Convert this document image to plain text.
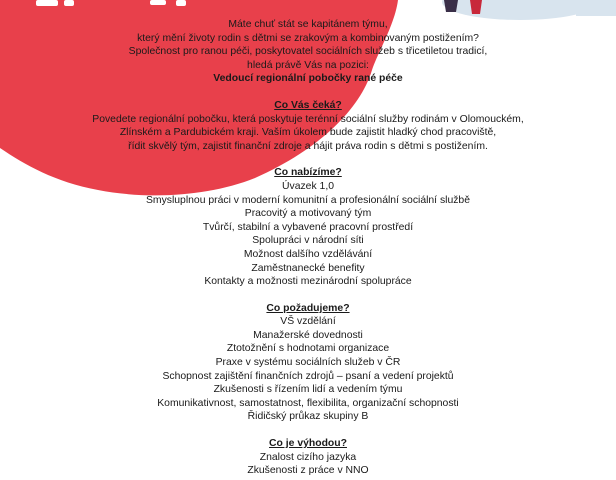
Máte chuť stát se kapitánem týmu,
který mění životy rodin s dětmi se zrakovým a kombinovaným postižením?
Společnost pro ranou péči, poskytovatel sociálních služeb s třicetiletou tradicí,
hledá právě Vás na pozici:
Vedoucí regionální pobočky rané péče
Co Vás čeká?
Povedete regionální pobočku, která poskytuje terénní sociální služby rodinám v Olomouckém,
Zlínském a Pardubickém kraji. Vaším úkolem bude zajistit hladký chod pracoviště,
řídit skvělý tým, zajistit finanční zdroje a hájit práva rodin s dětmi s postižením.
Co nabízíme?
Úvazek 1,0
Smysluplnou práci v moderní komunitní a profesionální sociální službě
Pracovitý a motivovaný tým
Tvůrčí, stabilní a vybavené pracovní prostředí
Spolupráci v národní síti
Možnost dalšího vzdělávání
Zaměstnanecké benefity
Kontakty a možnosti mezinárodní spolupráce
Co požadujeme?
VŠ vzdělání
Manažerské dovednosti
Ztotožnění s hodnotami organizace
Praxe v systému sociálních služeb v ČR
Schopnost zajištění finančních zdrojů – psaní a vedení projektů
Zkušenosti s řízením lidí a vedením týmu
Komunikativnost, samostatnost, flexibilita, organizační schopnosti
Řidičský průkaz skupiny B
Co je výhodou?
Znalost cizího jazyka
Zkušenosti z práce v NNO
